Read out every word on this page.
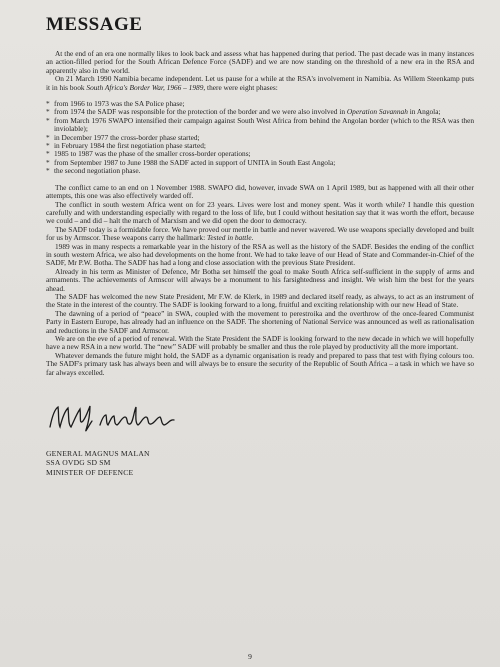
MESSAGE

At the end of an era one normally likes to look back and assess what has happened during that period. The past decade was in many instances an action-filled period for the South African Defence Force (SADF) and we are now standing on the threshold of a new era in the RSA and apparently also in the world.

On 21 March 1990 Namibia became independent. Let us pause for a while at the RSA's involvement in Namibia. As Willem Steenkamp puts it in his book South Africa's Border War, 1966 – 1989, there were eight phases:

* from 1966 to 1973 was the SA Police phase;
* from 1974 the SADF was responsible for the protection of the border and we were also involved in Operation Savannah in Angola;
* from March 1976 SWAPO intensified their campaign against South West Africa from behind the Angolan border (which to the RSA was then inviolable);
* in December 1977 the cross-border phase started;
* in February 1984 the first negotiation phase started;
* 1985 to 1987 was the phase of the smaller cross-border operations;
* from September 1987 to June 1988 the SADF acted in support of UNITA in South East Angola;
* the second negotiation phase.

The conflict came to an end on 1 November 1988. SWAPO did, however, invade SWA on 1 April 1989, but as happened with all their other attempts, this one was also effectively warded off.

The conflict in south western Africa went on for 23 years. Lives were lost and money spent. Was it worth while? I handle this question carefully and with understanding especially with regard to the loss of life, but I could without hesitation say that it was worth the effort, because we could – and did – halt the march of Marxism and we did open the door to democracy.

The SADF today is a formidable force. We have proved our mettle in battle and never wavered. We use weapons specially developed and built for us by Armscor. These weapons carry the hallmark: Tested in battle.

1989 was in many respects a remarkable year in the history of the RSA as well as the history of the SADF. Besides the ending of the conflict in south western Africa, we also had developments on the home front. We had to take leave of our Head of State and Commander-in-Chief of the SADF, Mr P.W. Botha. The SADF has had a long and close association with the previous State President.

Already in his term as Minister of Defence, Mr Botha set himself the goal to make South Africa self-sufficient in the supply of arms and armaments. The achievements of Armscor will always be a monument to his farsightedness and insight. We wish him the best for the years ahead.

The SADF has welcomed the new State President, Mr F.W. de Klerk, in 1989 and declared itself ready, as always, to act as an instrument of the State in the interest of the country. The SADF is looking forward to a long, fruitful and exciting relationship with our new Head of State.

The dawning of a period of “peace” in SWA, coupled with the movement to perestroika and the overthrow of the once-feared Communist Party in Eastern Europe, has already had an influence on the SADF. The shortening of National Service was announced as well as rationalisation and reductions in the SADF and Armscor.

We are on the eve of a period of renewal. With the State President the SADF is looking forward to the new decade in which we will hopefully have a new RSA in a new world. The “new” SADF will probably be smaller and thus the role played by productivity all the more important.

Whatever demands the future might hold, the SADF as a dynamic organisation is ready and prepared to pass that test with flying colours too. The SADF's primary task has always been and will always be to ensure the security of the Republic of South Africa – a task in which we have so far always excelled.

GENERAL MAGNUS MALAN
SSA OVDG SD SM
MINISTER OF DEFENCE
9
